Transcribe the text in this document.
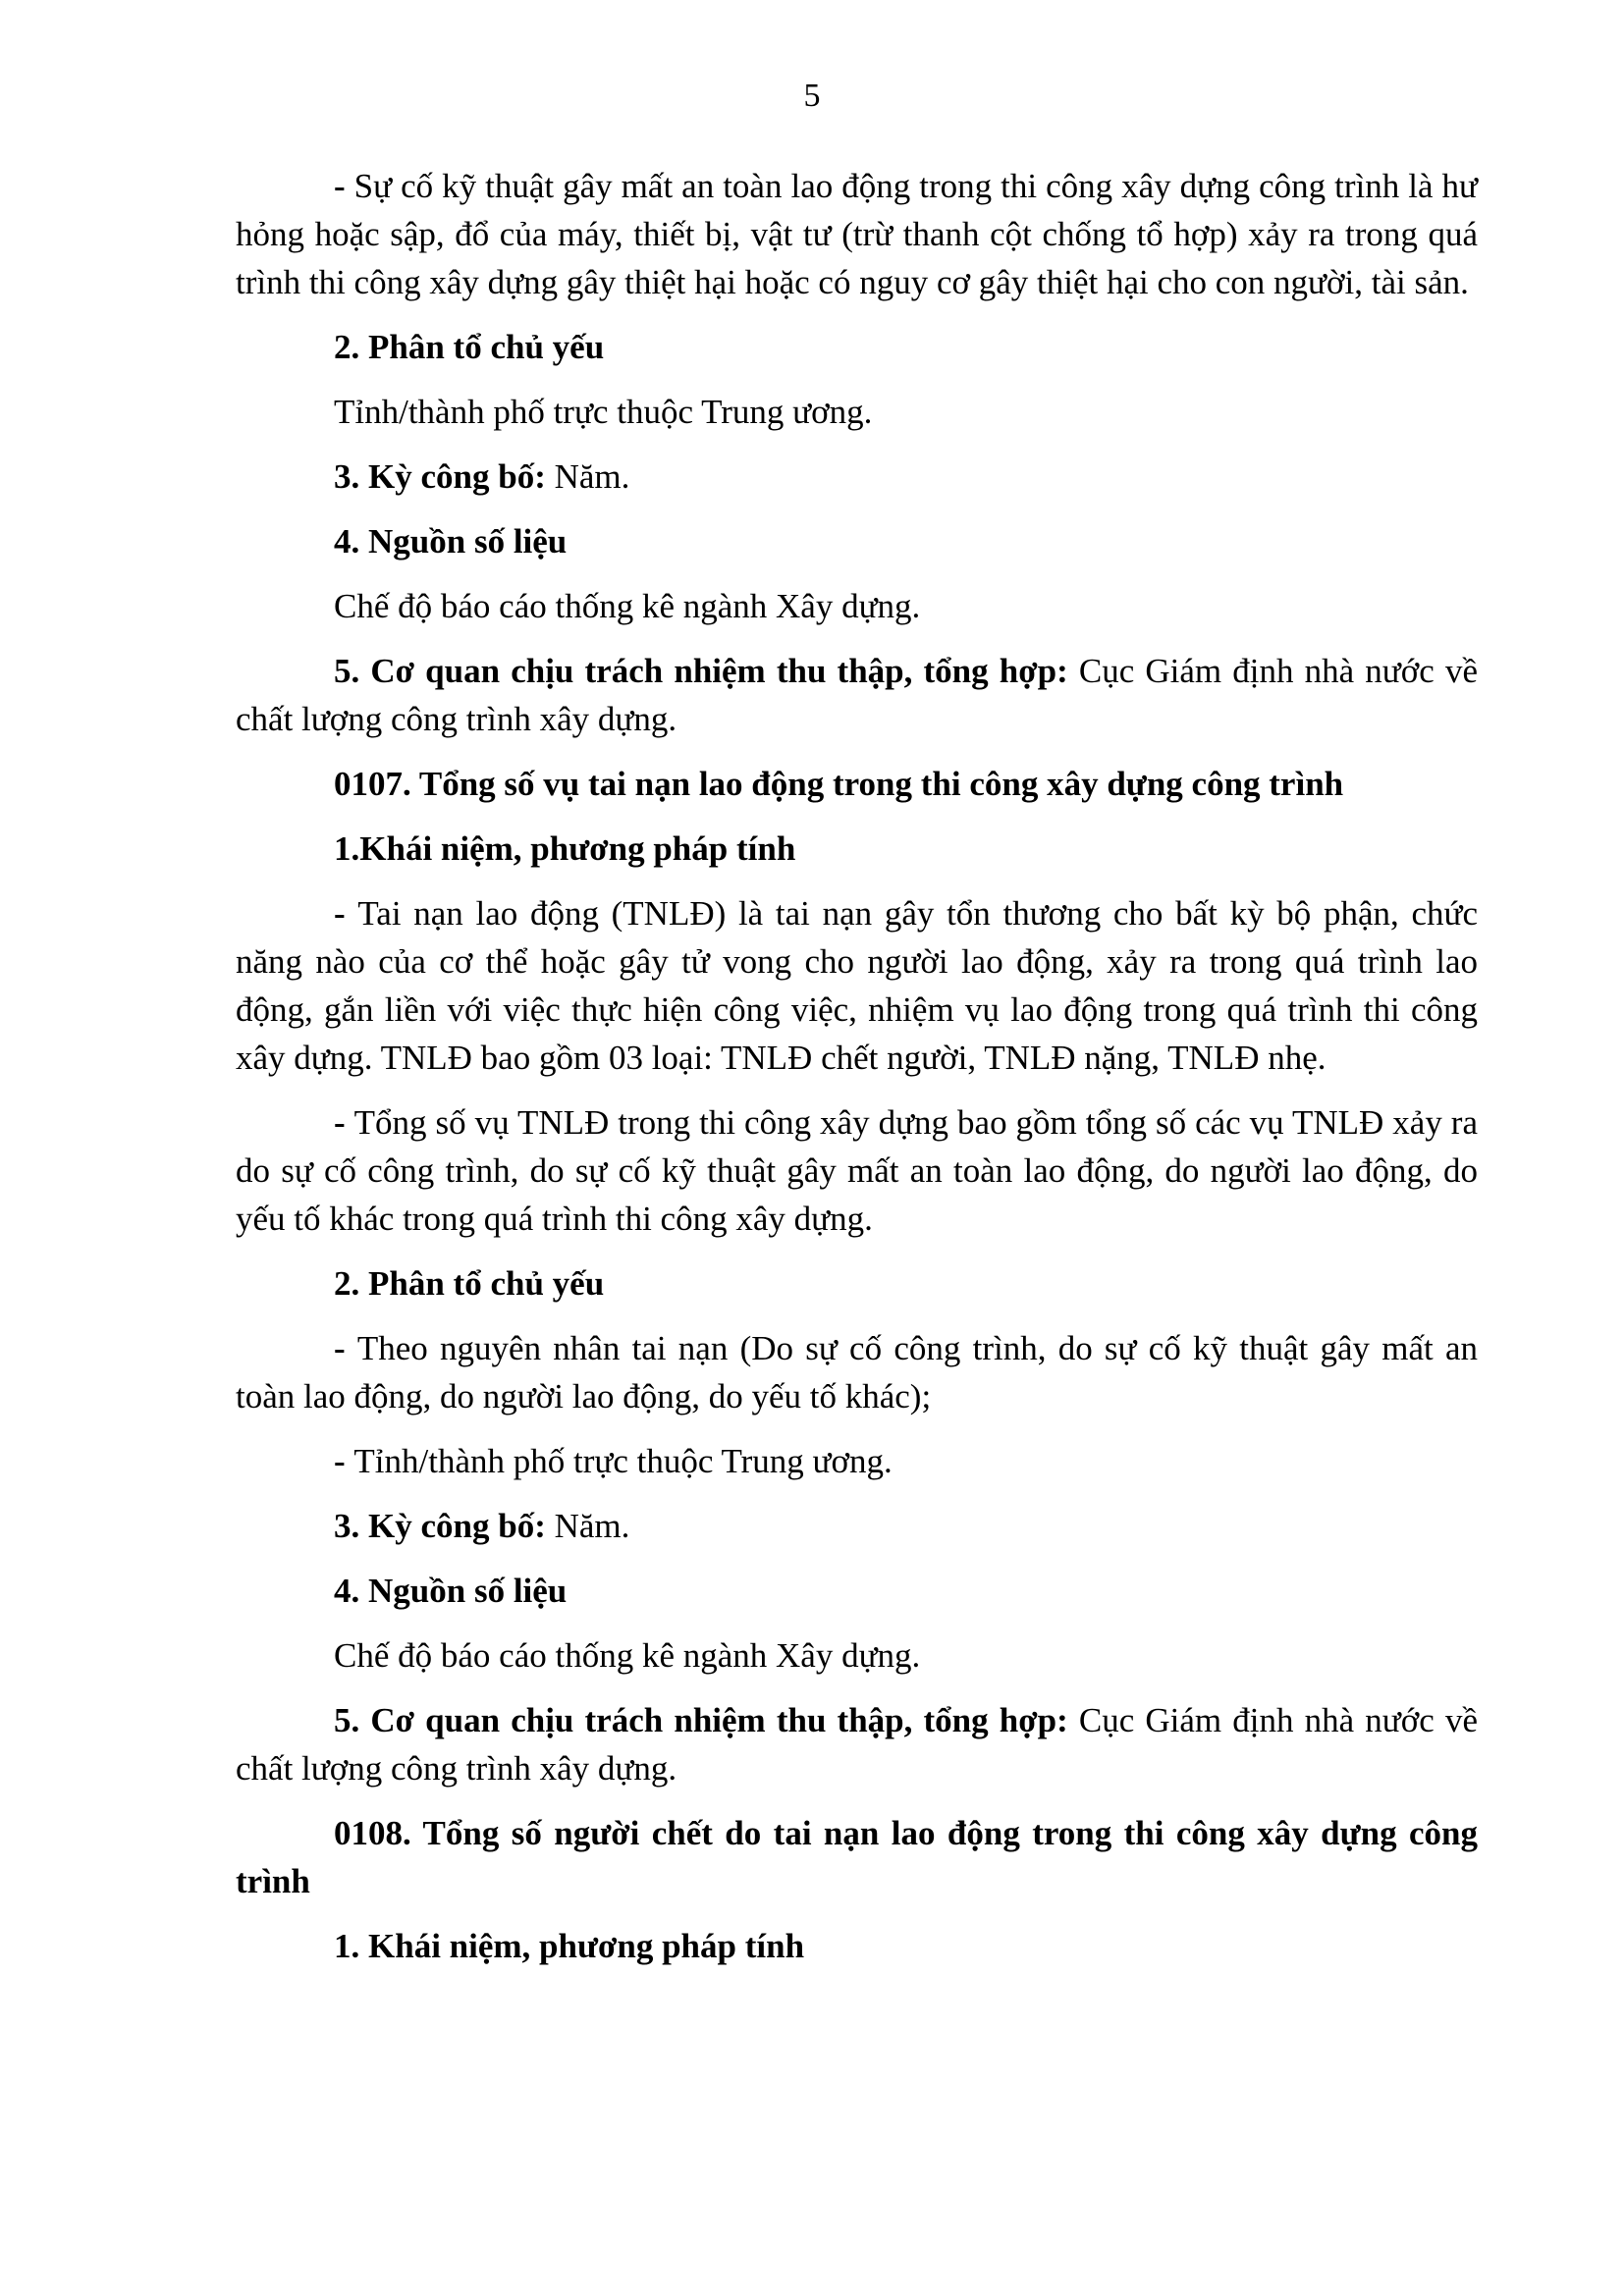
5

- Sự cố kỹ thuật gây mất an toàn lao động trong thi công xây dựng công trình là hư hỏng hoặc sập, đổ của máy, thiết bị, vật tư (trừ thanh cột chống tổ hợp) xảy ra trong quá trình thi công xây dựng gây thiệt hại hoặc có nguy cơ gây thiệt hại cho con người, tài sản.

2. Phân tổ chủ yếu

Tỉnh/thành phố trực thuộc Trung ương.

3. Kỳ công bố: Năm.

4. Nguồn số liệu

Chế độ báo cáo thống kê ngành Xây dựng.

5. Cơ quan chịu trách nhiệm thu thập, tổng hợp: Cục Giám định nhà nước về chất lượng công trình xây dựng.

0107. Tổng số vụ tai nạn lao động trong thi công xây dựng công trình

1.Khái niệm, phương pháp tính

- Tai nạn lao động (TNLĐ) là tai nạn gây tổn thương cho bất kỳ bộ phận, chức năng nào của cơ thể hoặc gây tử vong cho người lao động, xảy ra trong quá trình lao động, gắn liền với việc thực hiện công việc, nhiệm vụ lao động trong quá trình thi công xây dựng. TNLĐ bao gồm 03 loại: TNLĐ chết người, TNLĐ nặng, TNLĐ nhẹ.

- Tổng số vụ TNLĐ trong thi công xây dựng bao gồm tổng số các vụ TNLĐ xảy ra do sự cố công trình, do sự cố kỹ thuật gây mất an toàn lao động, do người lao động, do yếu tố khác trong quá trình thi công xây dựng.

2. Phân tổ chủ yếu

- Theo nguyên nhân tai nạn (Do sự cố công trình, do sự cố kỹ thuật gây mất an toàn lao động, do người lao động, do yếu tố khác);

- Tỉnh/thành phố trực thuộc Trung ương.

3. Kỳ công bố: Năm.

4. Nguồn số liệu

Chế độ báo cáo thống kê ngành Xây dựng.

5. Cơ quan chịu trách nhiệm thu thập, tổng hợp: Cục Giám định nhà nước về chất lượng công trình xây dựng.

0108. Tổng số người chết do tai nạn lao động trong thi công xây dựng công trình

1. Khái niệm, phương pháp tính
